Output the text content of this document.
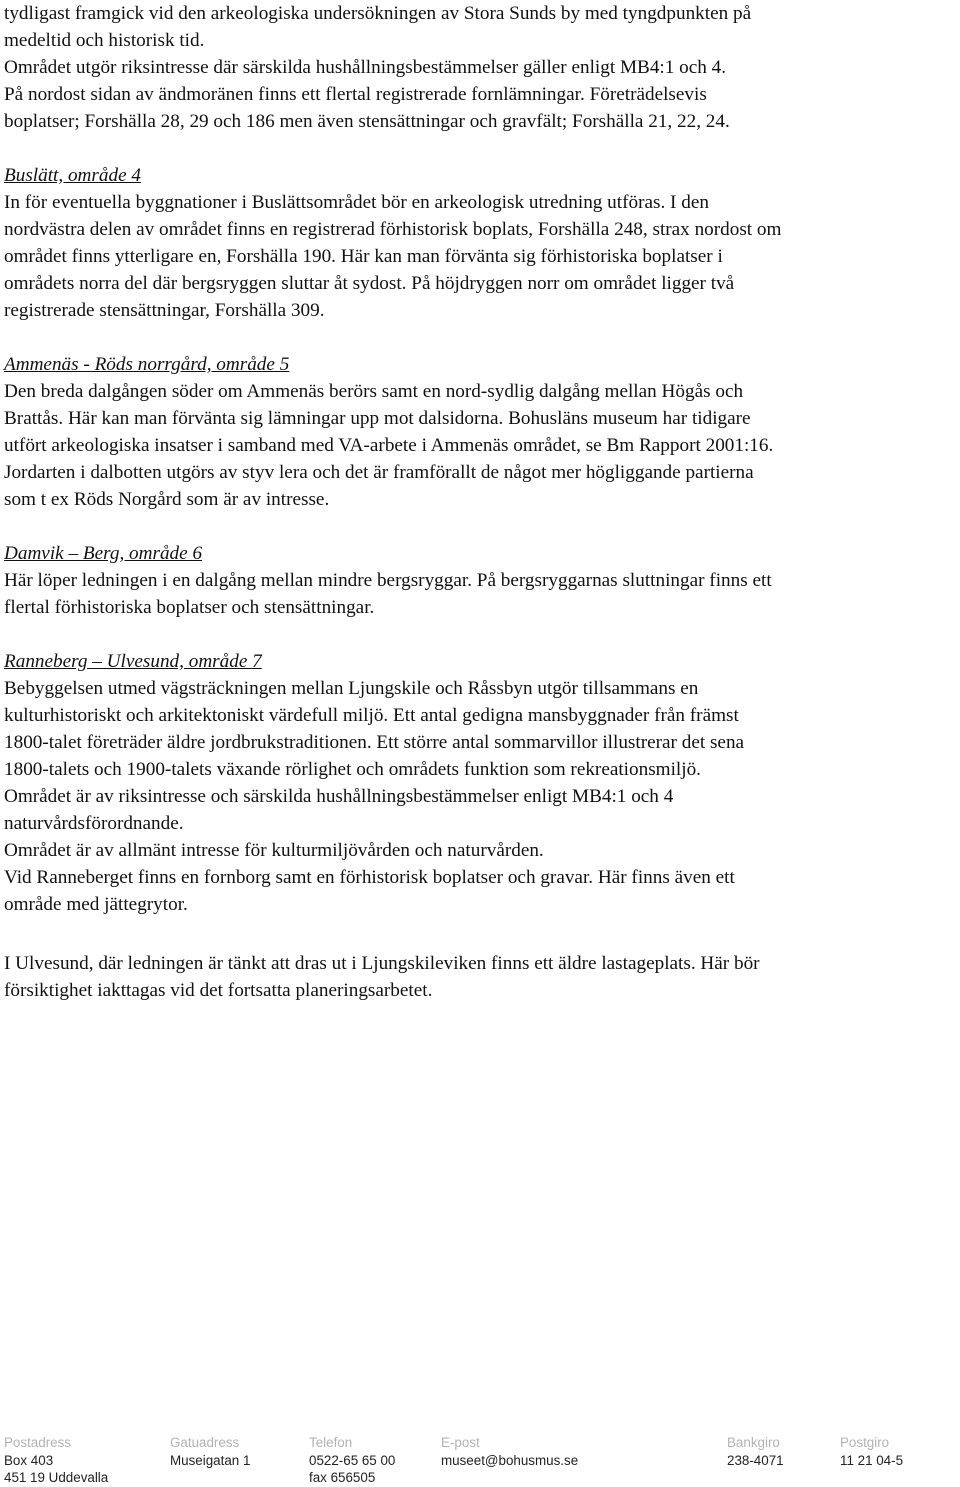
tydligast framgick vid den arkeologiska undersökningen av Stora Sunds by med tyngdpunkten på
medeltid och historisk tid.
Området utgör riksintresse där särskilda hushållningsbestämmelser gäller enligt MB4:1 och 4.
På nordost sidan av ändmoränen finns ett flertal registrerade fornlämningar. Företrädelsevis
boplatser; Forshälla 28, 29 och 186 men även stensättningar och gravfält; Forshälla 21, 22, 24.
Buslätt, område 4
In för eventuella byggnationer i Buslättsområdet bör en arkeologisk utredning utföras. I den
nordvästra delen av området finns en registrerad förhistorisk boplats, Forshälla 248, strax nordost om
området finns ytterligare en, Forshälla 190. Här kan man förvänta sig förhistoriska boplatser i
områdets norra del där bergsryggen sluttar åt sydost. På höjdryggen norr om området ligger två
registrerade stensättningar, Forshälla 309.
Ammenäs - Röds norrgård, område 5
Den breda dalgången söder om Ammenäs berörs samt en nord-sydlig dalgång mellan Högås och
Brattås. Här kan man förvänta sig lämningar upp mot dalsidorna. Bohusläns museum har tidigare
utfört arkeologiska insatser i samband med VA-arbete i Ammenäs området, se Bm Rapport 2001:16.
Jordarten i dalbotten utgörs av styv lera och det är framförallt de något mer högliggande partierna
som t ex Röds Norgård som är av intresse.
Damvik – Berg, område 6
Här löper ledningen i en dalgång mellan mindre bergsryggar. På bergsryggarnas sluttningar finns ett
flertal förhistoriska boplatser och stensättningar.
Ranneberg – Ulvesund, område 7
Bebyggelsen utmed vägsträckningen mellan Ljungskile och Råssbyn utgör tillsammans en
kulturhistoriskt och arkitektoniskt värdefull miljö. Ett antal gedigna mansbyggnader från främst
1800-talet företräder äldre jordbrukstraditionen. Ett större antal sommarvillor illustrerar det sena
1800-talets och 1900-talets växande rörlighet och områdets funktion som rekreationsmiljö.
Området är av riksintresse och särskilda hushållningsbestämmelser enligt MB4:1 och 4
naturvårdsförordnande.
Området är av allmänt intresse för kulturmiljövården och naturvården.
Vid Ranneberget finns en fornborg samt en förhistorisk boplatser och gravar. Här finns även ett
område med jättegrytor.
I Ulvesund, där ledningen är tänkt att dras ut i Ljungskileviken finns ett äldre lastageplats. Här bör
försiktighet iakttagas vid det fortsatta planeringsarbetet.
Postadress
Box 403
451 19 Uddevalla
Gatuadress
Museigatan 1
Telefon
0522-65 65 00
fax 656505
E-post
museet@bohusmus.se
Bankgiro
238-4071
Postgiro
11 21 04-5
